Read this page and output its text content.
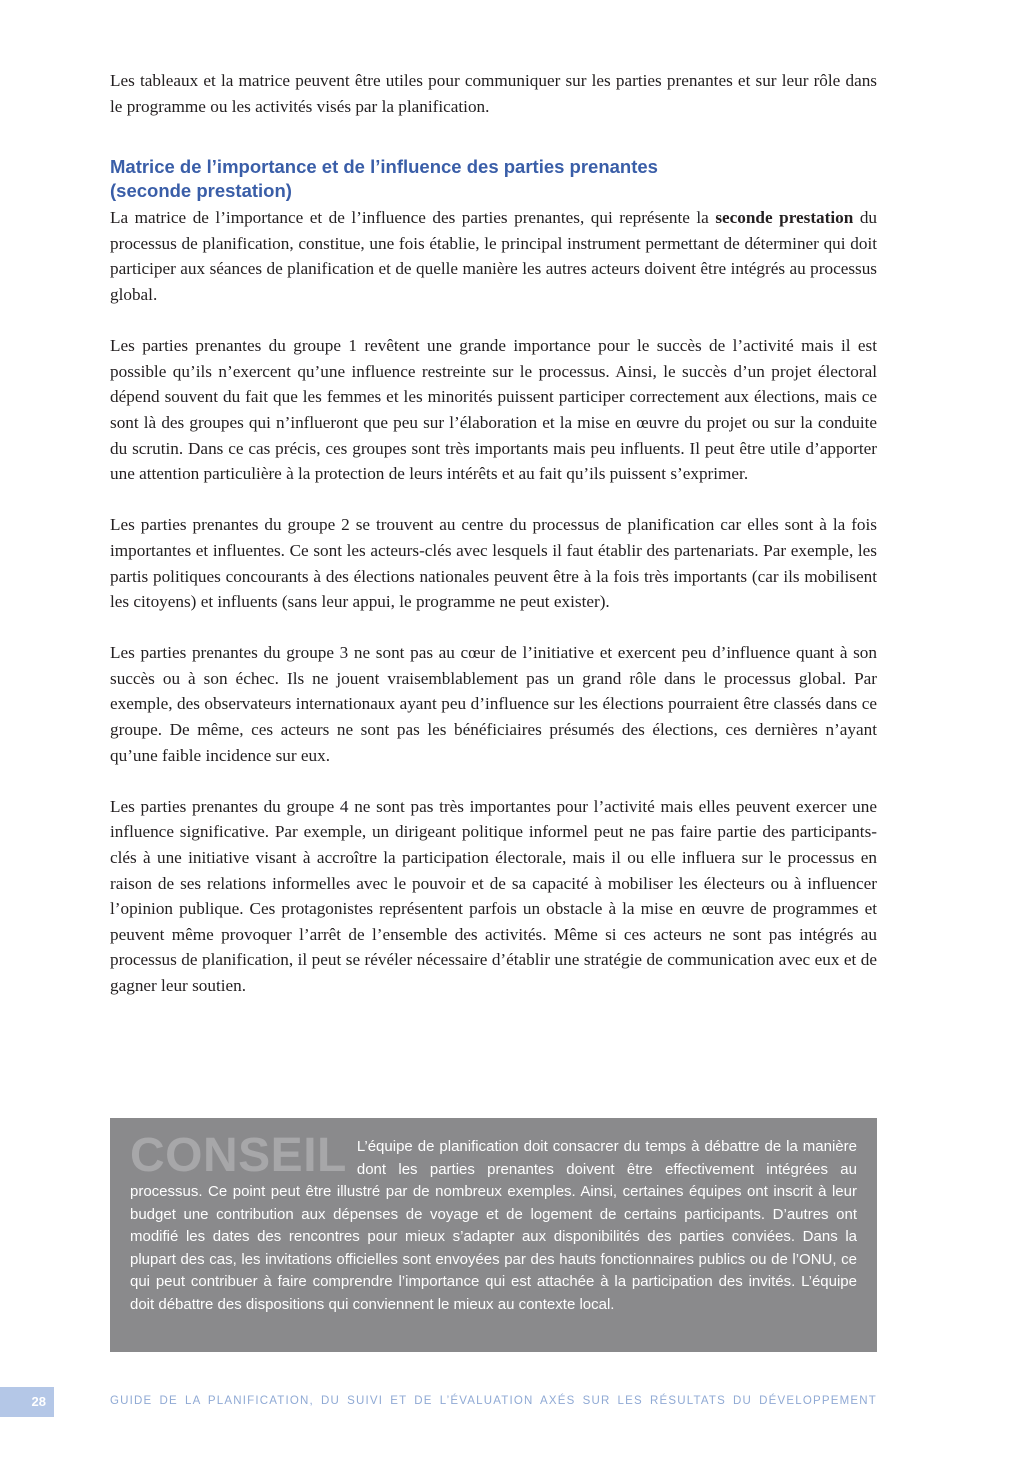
Les tableaux et la matrice peuvent être utiles pour communiquer sur les parties prenantes et sur leur rôle dans le programme ou les activités visés par la planification.

Matrice de l’importance et de l’influence des parties prenantes
(seconde prestation)

La matrice de l’importance et de l’influence des parties prenantes, qui représente la seconde prestation du processus de planification, constitue, une fois établie, le principal instrument permettant de déterminer qui doit participer aux séances de planification et de quelle manière les autres acteurs doivent être intégrés au processus global.

Les parties prenantes du groupe 1 revêtent une grande importance pour le succès de l’activité mais il est possible qu’ils n’exercent qu’une influence restreinte sur le processus. Ainsi, le succès d’un projet électoral dépend souvent du fait que les femmes et les minorités puissent participer correctement aux élections, mais ce sont là des groupes qui n’influeront que peu sur l’élaboration et la mise en œuvre du projet ou sur la conduite du scrutin. Dans ce cas précis, ces groupes sont très importants mais peu influents. Il peut être utile d’apporter une attention particulière à la protection de leurs intérêts et au fait qu’ils puissent s’exprimer.

Les parties prenantes du groupe 2 se trouvent au centre du processus de planification car elles sont à la fois importantes et influentes. Ce sont les acteurs-clés avec lesquels il faut établir des partenariats. Par exemple, les partis politiques concourants à des élections nationales peuvent être à la fois très importants (car ils mobilisent les citoyens) et influents (sans leur appui, le programme ne peut exister).

Les parties prenantes du groupe 3 ne sont pas au cœur de l’initiative et exercent peu d’influence quant à son succès ou à son échec. Ils ne jouent vraisemblablement pas un grand rôle dans le processus global. Par exemple, des observateurs internationaux ayant peu d’influence sur les élections pourraient être classés dans ce groupe. De même, ces acteurs ne sont pas les bénéficiaires présumés des élections, ces dernières n’ayant qu’une faible incidence sur eux.

Les parties prenantes du groupe 4 ne sont pas très importantes pour l’activité mais elles peuvent exercer une influence significative. Par exemple, un dirigeant politique informel peut ne pas faire partie des participants-clés à une initiative visant à accroître la participation électorale, mais il ou elle influera sur le processus en raison de ses relations informelles avec le pouvoir et de sa capacité à mobiliser les électeurs ou à influencer l’opinion publique. Ces protagonistes représentent parfois un obstacle à la mise en œuvre de programmes et peuvent même provoquer l’arrêt de l’ensemble des activités. Même si ces acteurs ne sont pas intégrés au processus de planification, il peut se révéler nécessaire d’établir une stratégie de communication avec eux et de gagner leur soutien.

CONSEIL L’équipe de planification doit consacrer du temps à débattre de la manière dont les parties prenantes doivent être effectivement intégrées au processus. Ce point peut être illustré par de nombreux exemples. Ainsi, certaines équipes ont inscrit à leur budget une contribution aux dépenses de voyage et de logement de certains participants. D’autres ont modifié les dates des rencontres pour mieux s’adapter aux disponibilités des parties conviées. Dans la plupart des cas, les invitations officielles sont envoyées par des hauts fonctionnaires publics ou de l’ONU, ce qui peut contribuer à faire comprendre l’importance qui est attachée à la participation des invités. L’équipe doit débattre des dispositions qui conviennent le mieux au contexte local.

28	GUIDE DE LA PLANIFICATION, DU SUIVI ET DE L’ÉVALUATION AXÉS SUR LES RÉSULTATS DU DÉVELOPPEMENT
